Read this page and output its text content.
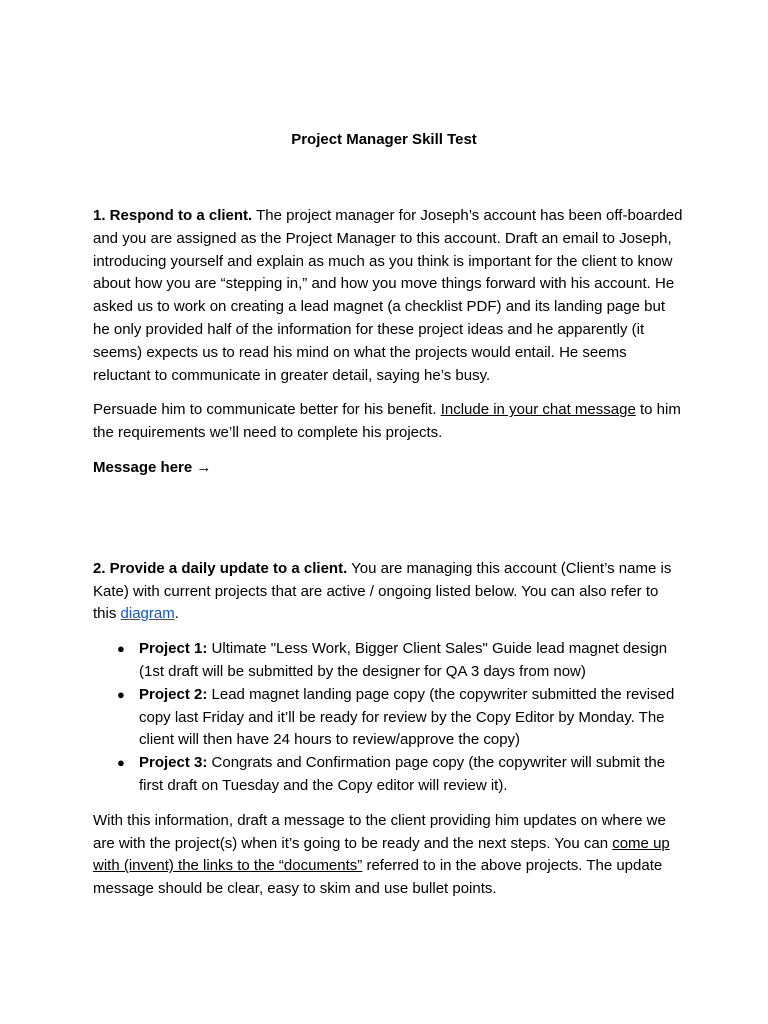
Project Manager Skill Test

1. Respond to a client. The project manager for Joseph’s account has been off-boarded and you are assigned as the Project Manager to this account. Draft an email to Joseph, introducing yourself and explain as much as you think is important for the client to know about how you are “stepping in,” and how you move things forward with his account. He asked us to work on creating a lead magnet (a checklist PDF) and its landing page but he only provided half of the information for these project ideas and he apparently (it seems) expects us to read his mind on what the projects would entail. He seems reluctant to communicate in greater detail, saying he’s busy.

Persuade him to communicate better for his benefit. Include in your chat message to him the requirements we’ll need to complete his projects.

Message here →

2. Provide a daily update to a client. You are managing this account (Client’s name is Kate) with current projects that are active / ongoing listed below. You can also refer to this diagram.

● Project 1: Ultimate "Less Work, Bigger Client Sales" Guide lead magnet design (1st draft will be submitted by the designer for QA 3 days from now)
● Project 2: Lead magnet landing page copy (the copywriter submitted the revised copy last Friday and it’ll be ready for review by the Copy Editor by Monday. The client will then have 24 hours to review/approve the copy)
● Project 3: Congrats and Confirmation page copy (the copywriter will submit the first draft on Tuesday and the Copy editor will review it).

With this information, draft a message to the client providing him updates on where we are with the project(s) when it’s going to be ready and the next steps. You can come up with (invent) the links to the “documents” referred to in the above projects. The update message should be clear, easy to skim and use bullet points.
